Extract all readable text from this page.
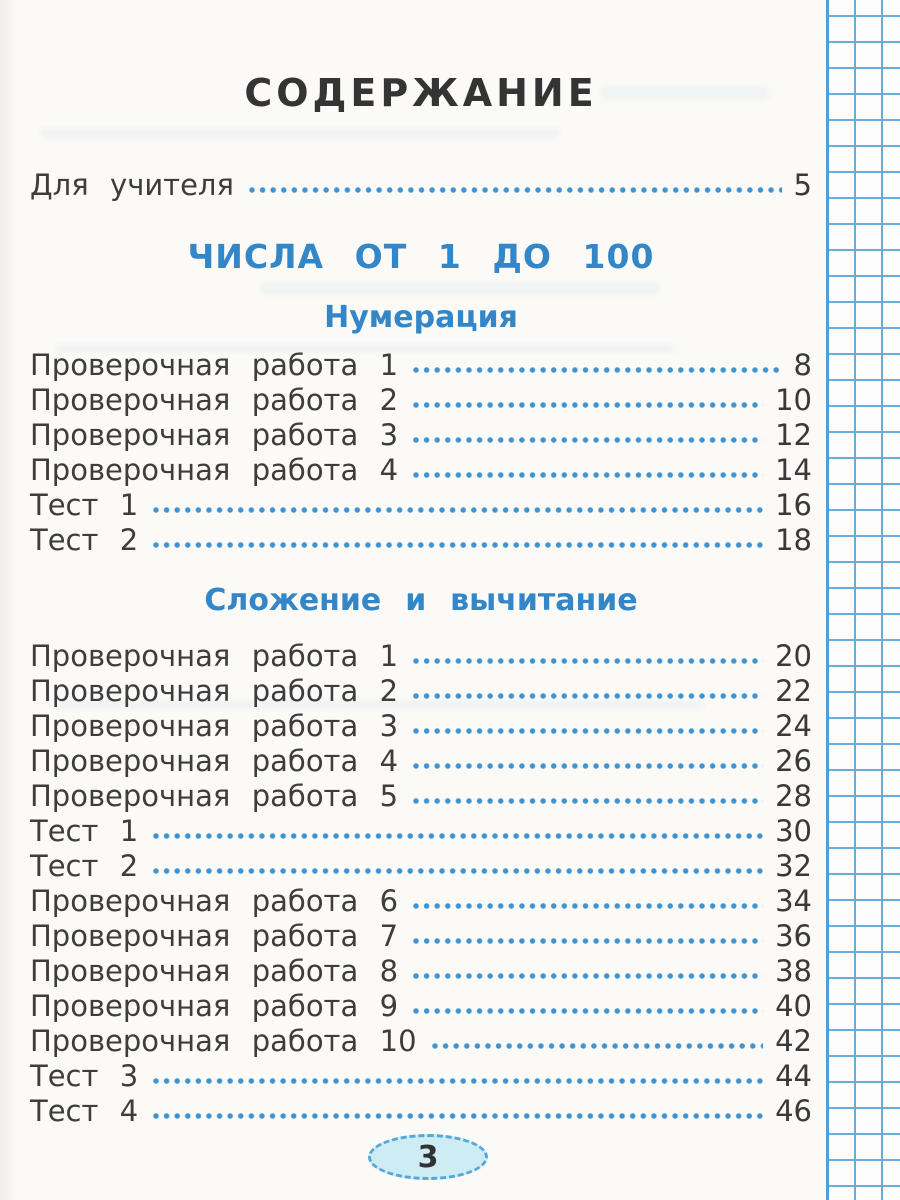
СОДЕРЖАНИЕ
Для учителя	5
ЧИСЛА ОТ 1 ДО 100
Нумерация
Проверочная работа 1	8
Проверочная работа 2	10
Проверочная работа 3	12
Проверочная работа 4	14
Тест 1	16
Тест 2	18
Сложение и вычитание
Проверочная работа 1	20
Проверочная работа 2	22
Проверочная работа 3	24
Проверочная работа 4	26
Проверочная работа 5	28
Тест 1	30
Тест 2	32
Проверочная работа 6	34
Проверочная работа 7	36
Проверочная работа 8	38
Проверочная работа 9	40
Проверочная работа 10	42
Тест 3	44
Тест 4	46
3
